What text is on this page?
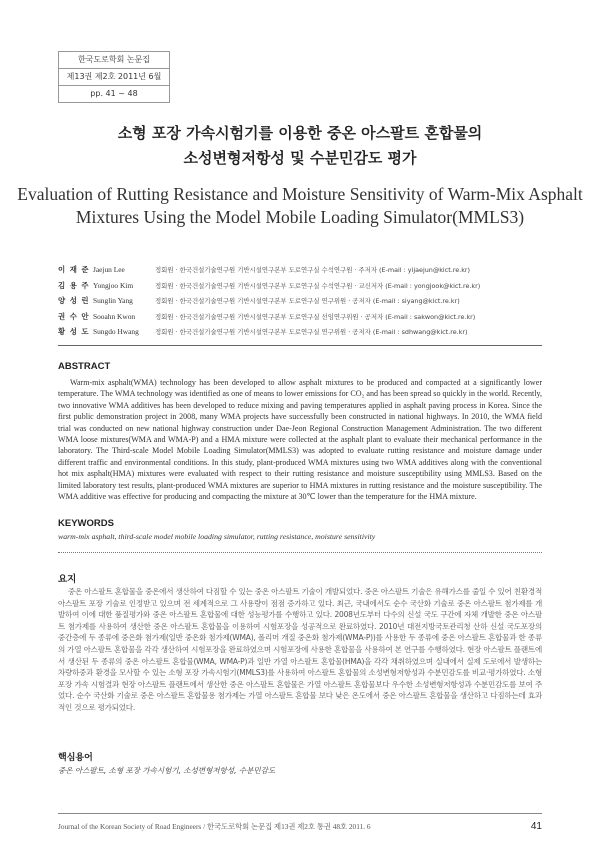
한국도로학회 논문집
제13권 제2호 2011년 6월
pp. 41 ~ 48
소형 포장 가속시험기를 이용한 중온 아스팔트 혼합물의
소성변형저항성 및 수분민감도 평가
Evaluation of Rutting Resistance and Moisture Sensitivity of Warm-Mix Asphalt
Mixtures Using the Model Mobile Loading Simulator(MMLS3)
이 재 준 Jaejun Lee	정회원 · 한국건설기술연구원 기반시설연구본부 도로연구실 수석연구원 · 주저자 (E-mail : yijaejun@kict.re.kr)
김 용 주 Yongjoo Kim	정회원 · 한국건설기술연구원 기반시설연구본부 도로연구실 수석연구원 · 교신저자 (E-mail : yongjook@kict.re.kr)
양 성 린 Sunglin Yang	정회원 · 한국건설기술연구원 기반시설연구본부 도로연구실 연구위원 · 공저자 (E-mail : siyang@kict.re.kr)
권 수 안 Sooahn Kwon	정회원 · 한국건설기술연구원 기반시설연구본부 도로연구실 선임연구위원 · 공저자 (E-mail : sakwon@kict.re.kr)
황 성 도 Sungdo Hwang	정회원 · 한국건설기술연구원 기반시설연구본부 도로연구실 연구위원 · 공저자 (E-mail : sdhwang@kict.re.kr)
ABSTRACT
Warm-mix asphalt(WMA) technology has been developed to allow asphalt mixtures to be produced and compacted at a significantly lower temperature. The WMA technology was identified as one of means to lower emissions for CO₂ and has been spread so quickly in the world. Recently, two innovative WMA additives has been developed to reduce mixing and paving temperatures applied in asphalt paving process in Korea. Since the first public demonstration project in 2008, many WMA projects have successfully been constructed in national highways. In 2010, the WMA field trial was conducted on new national highway construction under Dae-Jeon Regional Construction Management Administration. The two different WMA loose mixtures(WMA and WMA-P) and a HMA mixture were collected at the asphalt plant to evaluate their mechanical performance in the laboratory. The Third-scale Model Mobile Loading Simulator(MMLS3) was adopted to evaluate rutting resistance and moisture damage under different traffic and environmental conditions. In this study, plant-produced WMA mixtures using two WMA additives along with the conventional hot mix asphalt(HMA) mixtures were evaluated with respect to their rutting resistance and moisture susceptibility using MMLS3. Based on the limited laboratory test results, plant-produced WMA mixtures are superior to HMA mixtures in rutting resistance and the moisture susceptibility. The WMA additive was effective for producing and compacting the mixture at 30℃ lower than the temperature for the HMA mixture.
KEYWORDS
warm-mix asphalt, third-scale model mobile loading simulator, rutting resistance, moisture sensitivity
요지
중온 아스팔트 혼합물을 중온에서 생산하여 다짐할 수 있는 중온 아스팔트 기술이 개발되었다. 중온 아스팔트 기술은 유해가스를 줄일 수 있어 친환경적 아스팔트 포장 기술로 인정받고 있으며 전 세계적으로 그 사용량이 점점 증가하고 있다. 최근, 국내에서도 순수 국산화 기술로 중온 아스팔트 첨가제를 개발하여 이에 대한 품질평가와 중온 아스팔트 혼합물에 대한 성능평가를 수행하고 있다. 2008년도부터 다수의 신설 국도 구간에 자체 개발한 중온 아스팔트 첨가제를 사용하여 생산한 중온 아스팔트 혼합물을 이용하여 시험포장을 성공적으로 완료하였다. 2010년 대전지방국토관리청 산하 신설 국도포장의 중간층에 두 종류에 중온화 첨가제(일반 중온화 첨가제(WMA), 폴리머 개질 중온화 첨가제(WMA-P))를 사용한 두 종류에 중온 아스팔트 혼합물과 한 종류의 가열 아스팔트 혼합물을 각각 생산하여 시험포장을 완료하였으며 시험포장에 사용한 혼합물을 사용하여 본 연구를 수행하였다. 현장 아스팔트 플랜트에서 생산된 두 종류의 중온 아스팔트 혼합물(WMA, WMA-P)과 일반 가열 아스팔트 혼합물(HMA)을 각각 채취하였으며 실내에서 실제 도로에서 발생하는 차량하중과 환경을 모사할 수 있는 소형 포장 가속시험기(MMLS3)를 사용하여 아스팔트 혼합물의 소성변형저항성과 수분민감도를 비교·평가하였다. 소형 포장 가속 시험결과 현장 아스팔트 플랜트에서 생산한 중온 아스팔트 혼합물은 가열 아스팔트 혼합물보다 우수한 소성변형저항성과 수분민감도를 보여 주었다. 순수 국산화 기술로 중온 아스팔트 혼합물용 첨가제는 가열 아스팔트 혼합물 보다 낮은 온도에서 중온 아스팔트 혼합물을 생산하고 다짐하는데 효과적인 것으로 평가되었다.
핵심용어
중온 아스팔트, 소형 포장 가속시험기, 소성변형저항성, 수분민감도
Journal of the Korean Society of Road Engineers / 한국도로학회 논문집 제13권 제2호 통권 48호 2011. 6	41
